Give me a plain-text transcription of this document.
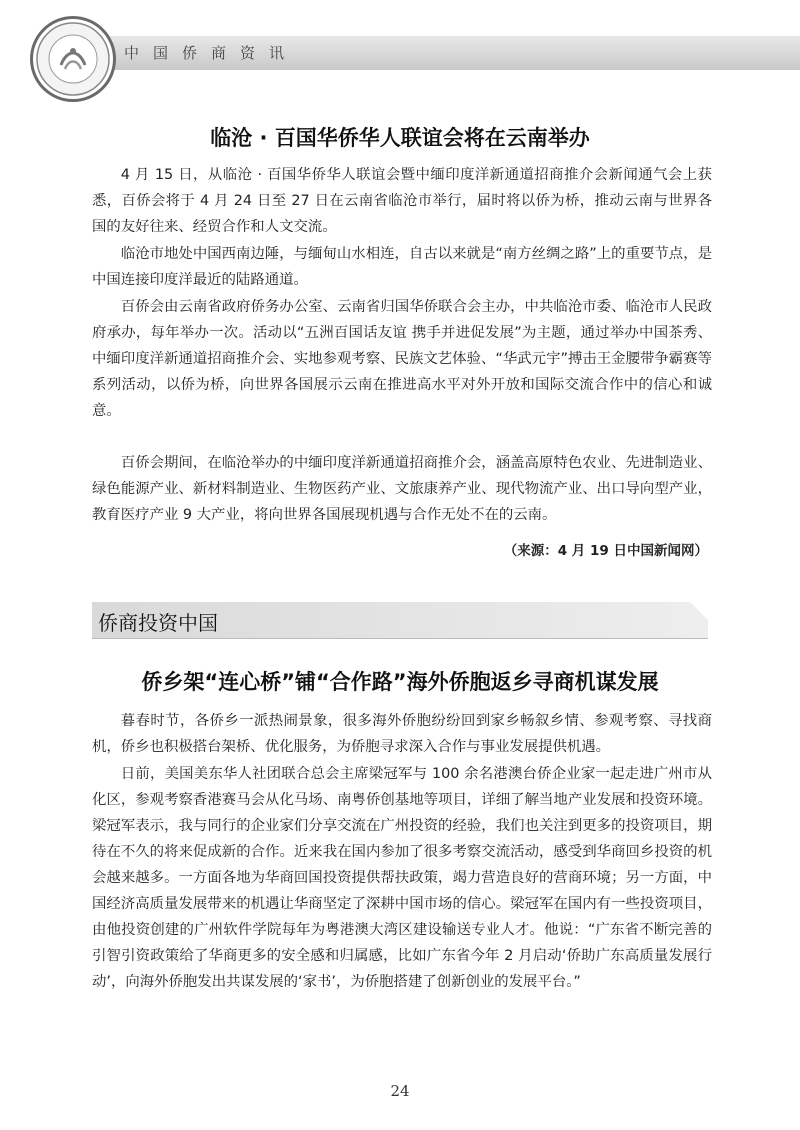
中国侨商资讯
临沧 · 百国华侨华人联谊会将在云南举办

4 月 15 日，从临沧 · 百国华侨华人联谊会暨中缅印度洋新通道招商推介会新闻通气会上获悉，百侨会将于 4 月 24 日至 27 日在云南省临沧市举行，届时将以侨为桥，推动云南与世界各国的友好往来、经贸合作和人文交流。

临沧市地处中国西南边陲，与缅甸山水相连，自古以来就是“南方丝绸之路”上的重要节点，是中国连接印度洋最近的陆路通道。

百侨会由云南省政府侨务办公室、云南省归国华侨联合会主办，中共临沧市委、临沧市人民政府承办，每年举办一次。活动以“五洲百国话友谊 携手并进促发展”为主题，通过举办中国茶秀、中缅印度洋新通道招商推介会、实地参观考察、民族文艺体验、“华武元宇”搏击王金腰带争霸赛等系列活动，以侨为桥，向世界各国展示云南在推进高水平对外开放和国际交流合作中的信心和诚意。

百侨会期间，在临沧举办的中缅印度洋新通道招商推介会，涵盖高原特色农业、先进制造业、绿色能源产业、新材料制造业、生物医药产业、文旅康养产业、现代物流产业、出口导向型产业，教育医疗产业 9 大产业，将向世界各国展现机遇与合作无处不在的云南。

（来源：4 月 19 日中国新闻网）
侨商投资中国
侨乡架“连心桥”铺“合作路”海外侨胞返乡寻商机谋发展

暮春时节，各侨乡一派热闹景象，很多海外侨胞纷纷回到家乡畅叙乡情、参观考察、寻找商机，侨乡也积极搭台架桥、优化服务，为侨胞寻求深入合作与事业发展提供机遇。

日前，美国美东华人社团联合总会主席梁冠军与 100 余名港澳台侨企业家一起走进广州市从化区，参观考察香港赛马会从化马场、南粤侨创基地等项目，详细了解当地产业发展和投资环境。梁冠军表示，我与同行的企业家们分享交流在广州投资的经验，我们也关注到更多的投资项目，期待在不久的将来促成新的合作。近来我在国内参加了很多考察交流活动，感受到华商回乡投资的机会越来越多。一方面各地为华商回国投资提供帮扶政策，竭力营造良好的营商环境；另一方面，中国经济高质量发展带来的机遇让华商坚定了深耕中国市场的信心。梁冠军在国内有一些投资项目，由他投资创建的广州软件学院每年为粤港澳大湾区建设输送专业人才。他说：“广东省不断完善的引智引资政策给了华商更多的安全感和归属感，比如广东省今年 2 月启动‘侨助广东高质量发展行动’，向海外侨胞发出共谋发展的‘家书’，为侨胞搭建了创新创业的发展平台。”

24
